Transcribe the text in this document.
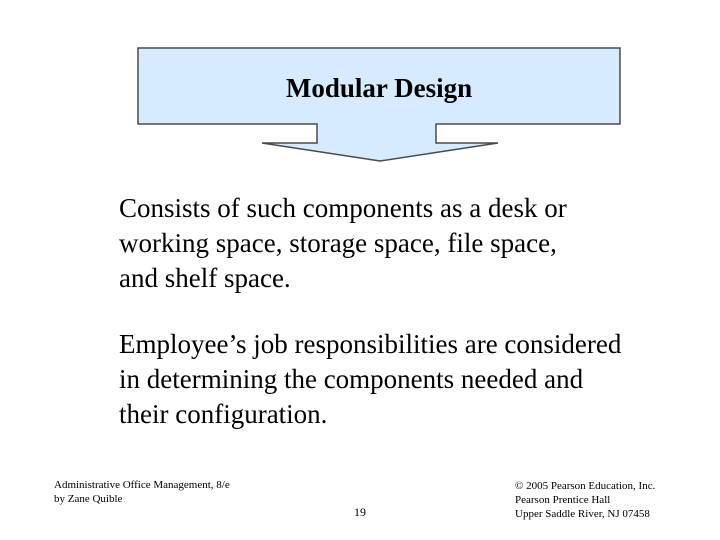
Modular Design
Consists of such components as a desk or
working space, storage space, file space,
and shelf space.
Employee’s job responsibilities are considered
in determining the components needed and
their configuration.
Administrative Office Management, 8/e
by Zane Quible
19
© 2005 Pearson Education, Inc.
Pearson Prentice Hall
Upper Saddle River, NJ 07458
